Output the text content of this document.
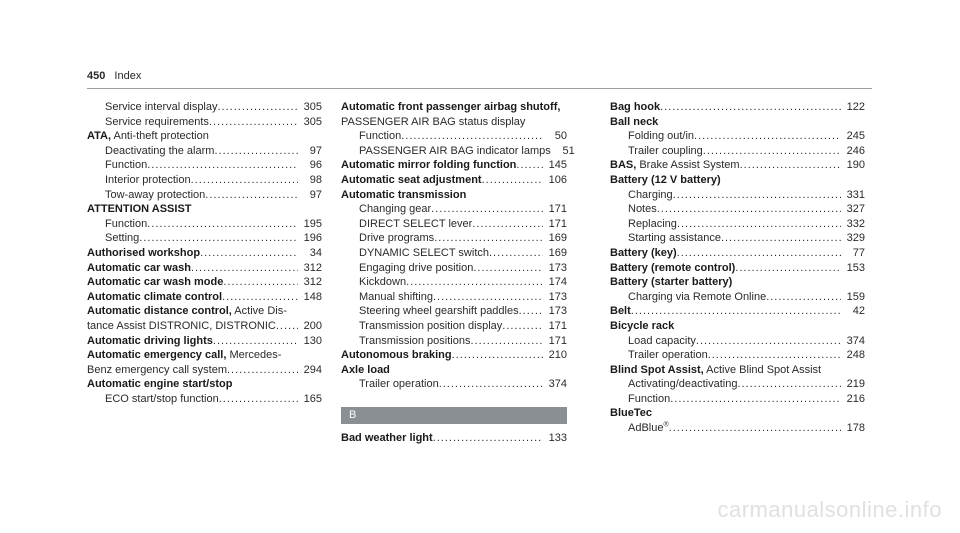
450 Index
Service interval display .....	305
Service requirements .....	305
ATA, Anti-theft protection
Deactivating the alarm .....	97
Function .....	96
Interior protection .....	98
Tow-away protection .....	97
ATTENTION ASSIST
Function .....	195
Setting .....	196
Authorised workshop .....	34
Automatic car wash .....	312
Automatic car wash mode .....	312
Automatic climate control .....	148
Automatic distance control, Active Dis-
tance Assist DISTRONIC, DISTRONIC .....	200
Automatic driving lights .....	130
Automatic emergency call, Mercedes-
Benz emergency call system .....	294
Automatic engine start/stop
ECO start/stop function .....	165
Automatic front passenger airbag shutoff,
PASSENGER AIR BAG status display
Function .....	50
PASSENGER AIR BAG indicator lamps	51
Automatic mirror folding function .....	145
Automatic seat adjustment .....	106
Automatic transmission
Changing gear .....	171
DIRECT SELECT lever .....	171
Drive programs .....	169
DYNAMIC SELECT switch .....	169
Engaging drive position .....	173
Kickdown .....	174
Manual shifting .....	173
Steering wheel gearshift paddles .....	173
Transmission position display .....	171
Transmission positions .....	171
Autonomous braking .....	210
Axle load
Trailer operation .....	374
B
Bad weather light .....	133
Bag hook .....	122
Ball neck
Folding out/in .....	245
Trailer coupling .....	246
BAS, Brake Assist System .....	190
Battery (12 V battery)
Charging .....	331
Notes .....	327
Replacing .....	332
Starting assistance .....	329
Battery (key) .....	77
Battery (remote control) .....	153
Battery (starter battery)
Charging via Remote Online .....	159
Belt .....	42
Bicycle rack
Load capacity .....	374
Trailer operation .....	248
Blind Spot Assist, Active Blind Spot Assist
Activating/deactivating .....	219
Function .....	216
BlueTec
AdBlue® .....	178
carmanualsonline.info
